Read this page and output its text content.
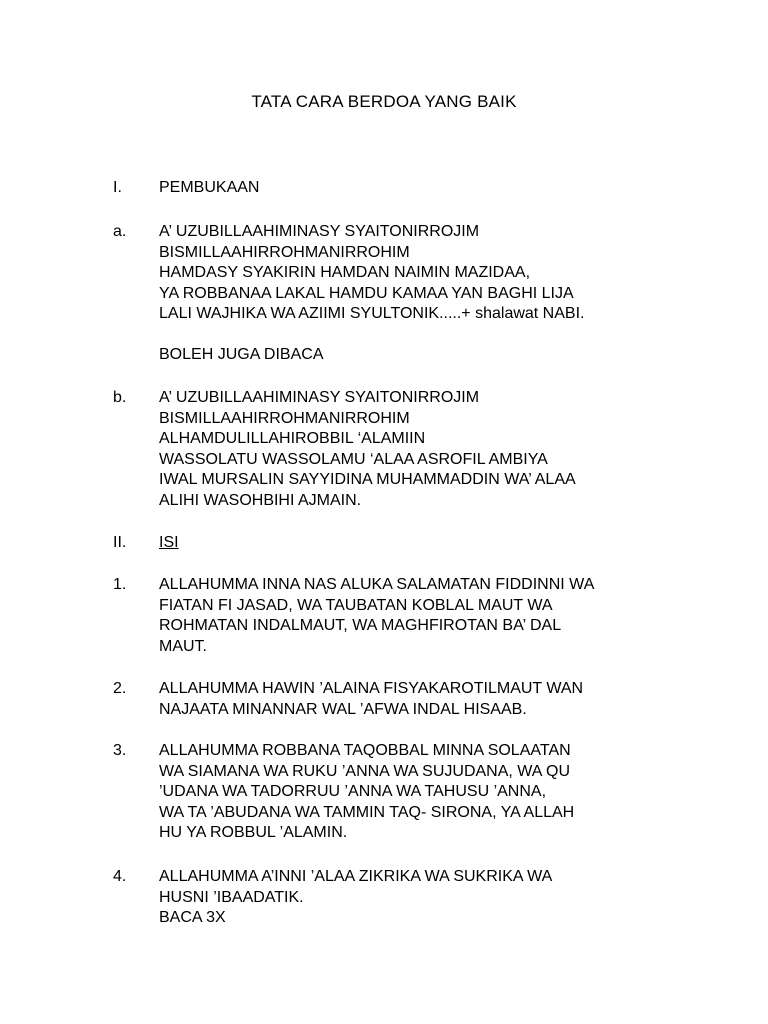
TATA CARA BERDOA YANG BAIK
I. PEMBUKAAN
a. A’ UZUBILLAAHIMINASY SYAITONIRROJIM
BISMILLAAHIRROHMANIRROHIM
HAMDASY SYAKIRIN HAMDAN NAIMIN MAZIDAA,
YA ROBBANAA LAKAL HAMDU KAMAA YAN BAGHI LIJA
LALI WAJHIKA WA AZIIMI SYULTONIK.....+ shalawat NABI.
BOLEH JUGA DIBACA
b. A’ UZUBILLAAHIMINASY SYAITONIRROJIM
BISMILLAAHIRROHMANIRROHIM
ALHAMDULILLAHIROBBIL ‘ALAMIIN
WASSOLATU WASSOLAMU ‘ALAA ASROFIL AMBIYA
IWAL MURSALIN SAYYIDINA MUHAMMADDIN WA’ ALAA
ALIHI WASOHBIHI AJMAIN.
II. ISI
1. ALLAHUMMA INNA NAS ALUKA SALAMATAN FIDDINNI WA
FIATAN FI JASAD, WA TAUBATAN KOBLAL MAUT WA
ROHMATAN INDALMAUT, WA MAGHFIROTAN BA’ DAL
MAUT.
2. ALLAHUMMA HAWIN ’ALAINA FISYAKAROTILMAUT WAN
NAJAATA MINANNAR WAL ’AFWA INDAL HISAAB.
3. ALLAHUMMA ROBBANA TAQOBBAL MINNA SOLAATAN
WA SIAMANA WA RUKU ’ANNA WA SUJUDANA, WA QU
’UDANA WA TADORRUU ’ANNA WA TAHUSU ’ANNA,
WA TA ’ABUDANA WA TAMMIN TAQ- SIRONA, YA ALLAH
HU YA ROBBUL ’ALAMIN.
4. ALLAHUMMA A’INNI ’ALAA ZIKRIKA WA SUKRIKA WA
HUSNI ’IBAADATIK.
BACA 3X
